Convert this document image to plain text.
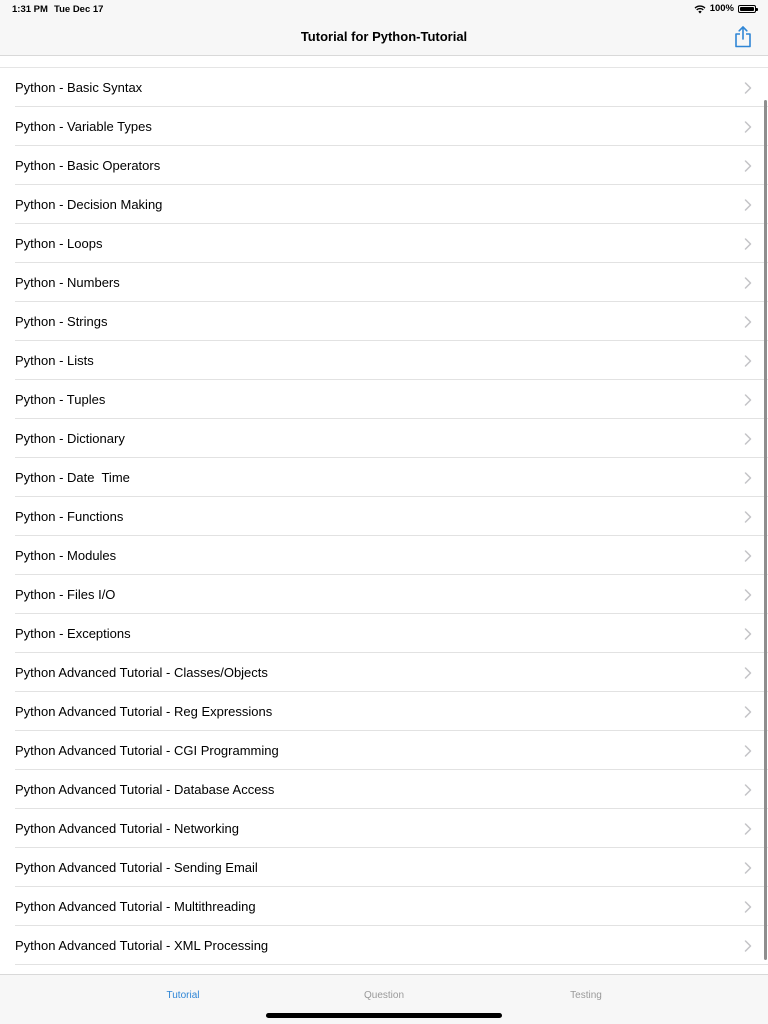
1:31 PM Tue Dec 17	100%
Tutorial for Python-Tutorial
Python - Basic Syntax
Python - Variable Types
Python - Basic Operators
Python - Decision Making
Python - Loops
Python - Numbers
Python - Strings
Python - Lists
Python - Tuples
Python - Dictionary
Python - Date  Time
Python - Functions
Python - Modules
Python - Files I/O
Python - Exceptions
Python Advanced Tutorial - Classes/Objects
Python Advanced Tutorial - Reg Expressions
Python Advanced Tutorial - CGI Programming
Python Advanced Tutorial - Database Access
Python Advanced Tutorial - Networking
Python Advanced Tutorial - Sending Email
Python Advanced Tutorial - Multithreading
Python Advanced Tutorial - XML Processing
Tutorial	Question	Testing
